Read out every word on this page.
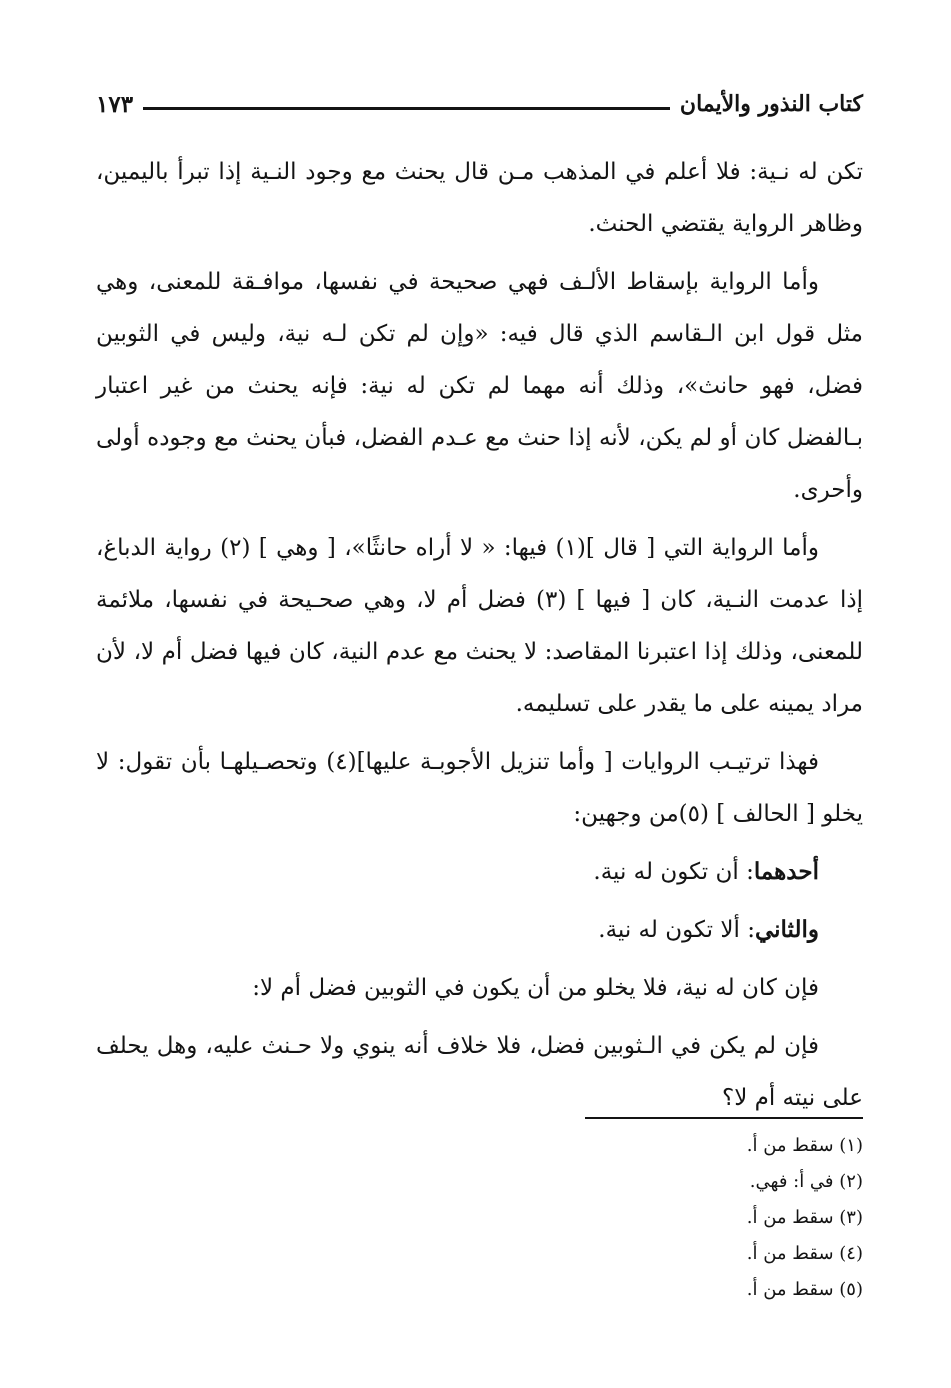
كتاب النذور والأيمان
١٧٣

تكن له نـية: فلا أعلم في المذهب مـن قال يحنث مع وجود النـية إذا تبرأ باليمين، وظاهر الرواية يقتضي الحنث.

وأما الرواية بإسقاط الألـف فهي صحيحة في نفسها، موافـقة للمعنى، وهي مثل قول ابن الـقاسم الذي قال فيه: «وإن لم تكن لـه نية، وليس في الثوبين فضل، فهو حانث»، وذلك أنه مهما لم تكن له نية: فإنه يحنث من غير اعتبار بـالفضل كان أو لم يكن، لأنه إذا حنث مع عـدم الفضل، فبأن يحنث مع وجوده أولى وأحرى.

وأما الرواية التي [ قال ](١) فيها: « لا أراه حانثًا»، [ وهي ] (٢) رواية الدباغ، إذا عدمت النـية، كان [ فيها ] (٣) فضل أم لا، وهي صحـيحة في نفسها، ملائمة للمعنى، وذلك إذا اعتبرنا المقاصد: لا يحنث مع عدم النية، كان فيها فضل أم لا، لأن مراد يمينه على ما يقدر على تسليمه.

فهذا ترتيـب الروايات [ وأما تنزيل الأجوبـة عليها](٤) وتحصـيلهـا بأن تقول: لا يخلو [ الحالف ] (٥)من وجهين:

أحدهما: أن تكون له نية.

والثاني: ألا تكون له نية.

فإن كان له نية، فلا يخلو من أن يكون في الثوبين فضل أم لا:

فإن لم يكن في الـثوبين فضل، فلا خلاف أنه ينوي ولا حـنث عليه، وهل يحلف على نيته أم لا؟

(١) سقط من أ.
(٢) في أ: فهي.
(٣) سقط من أ.
(٤) سقط من أ.
(٥) سقط من أ.
